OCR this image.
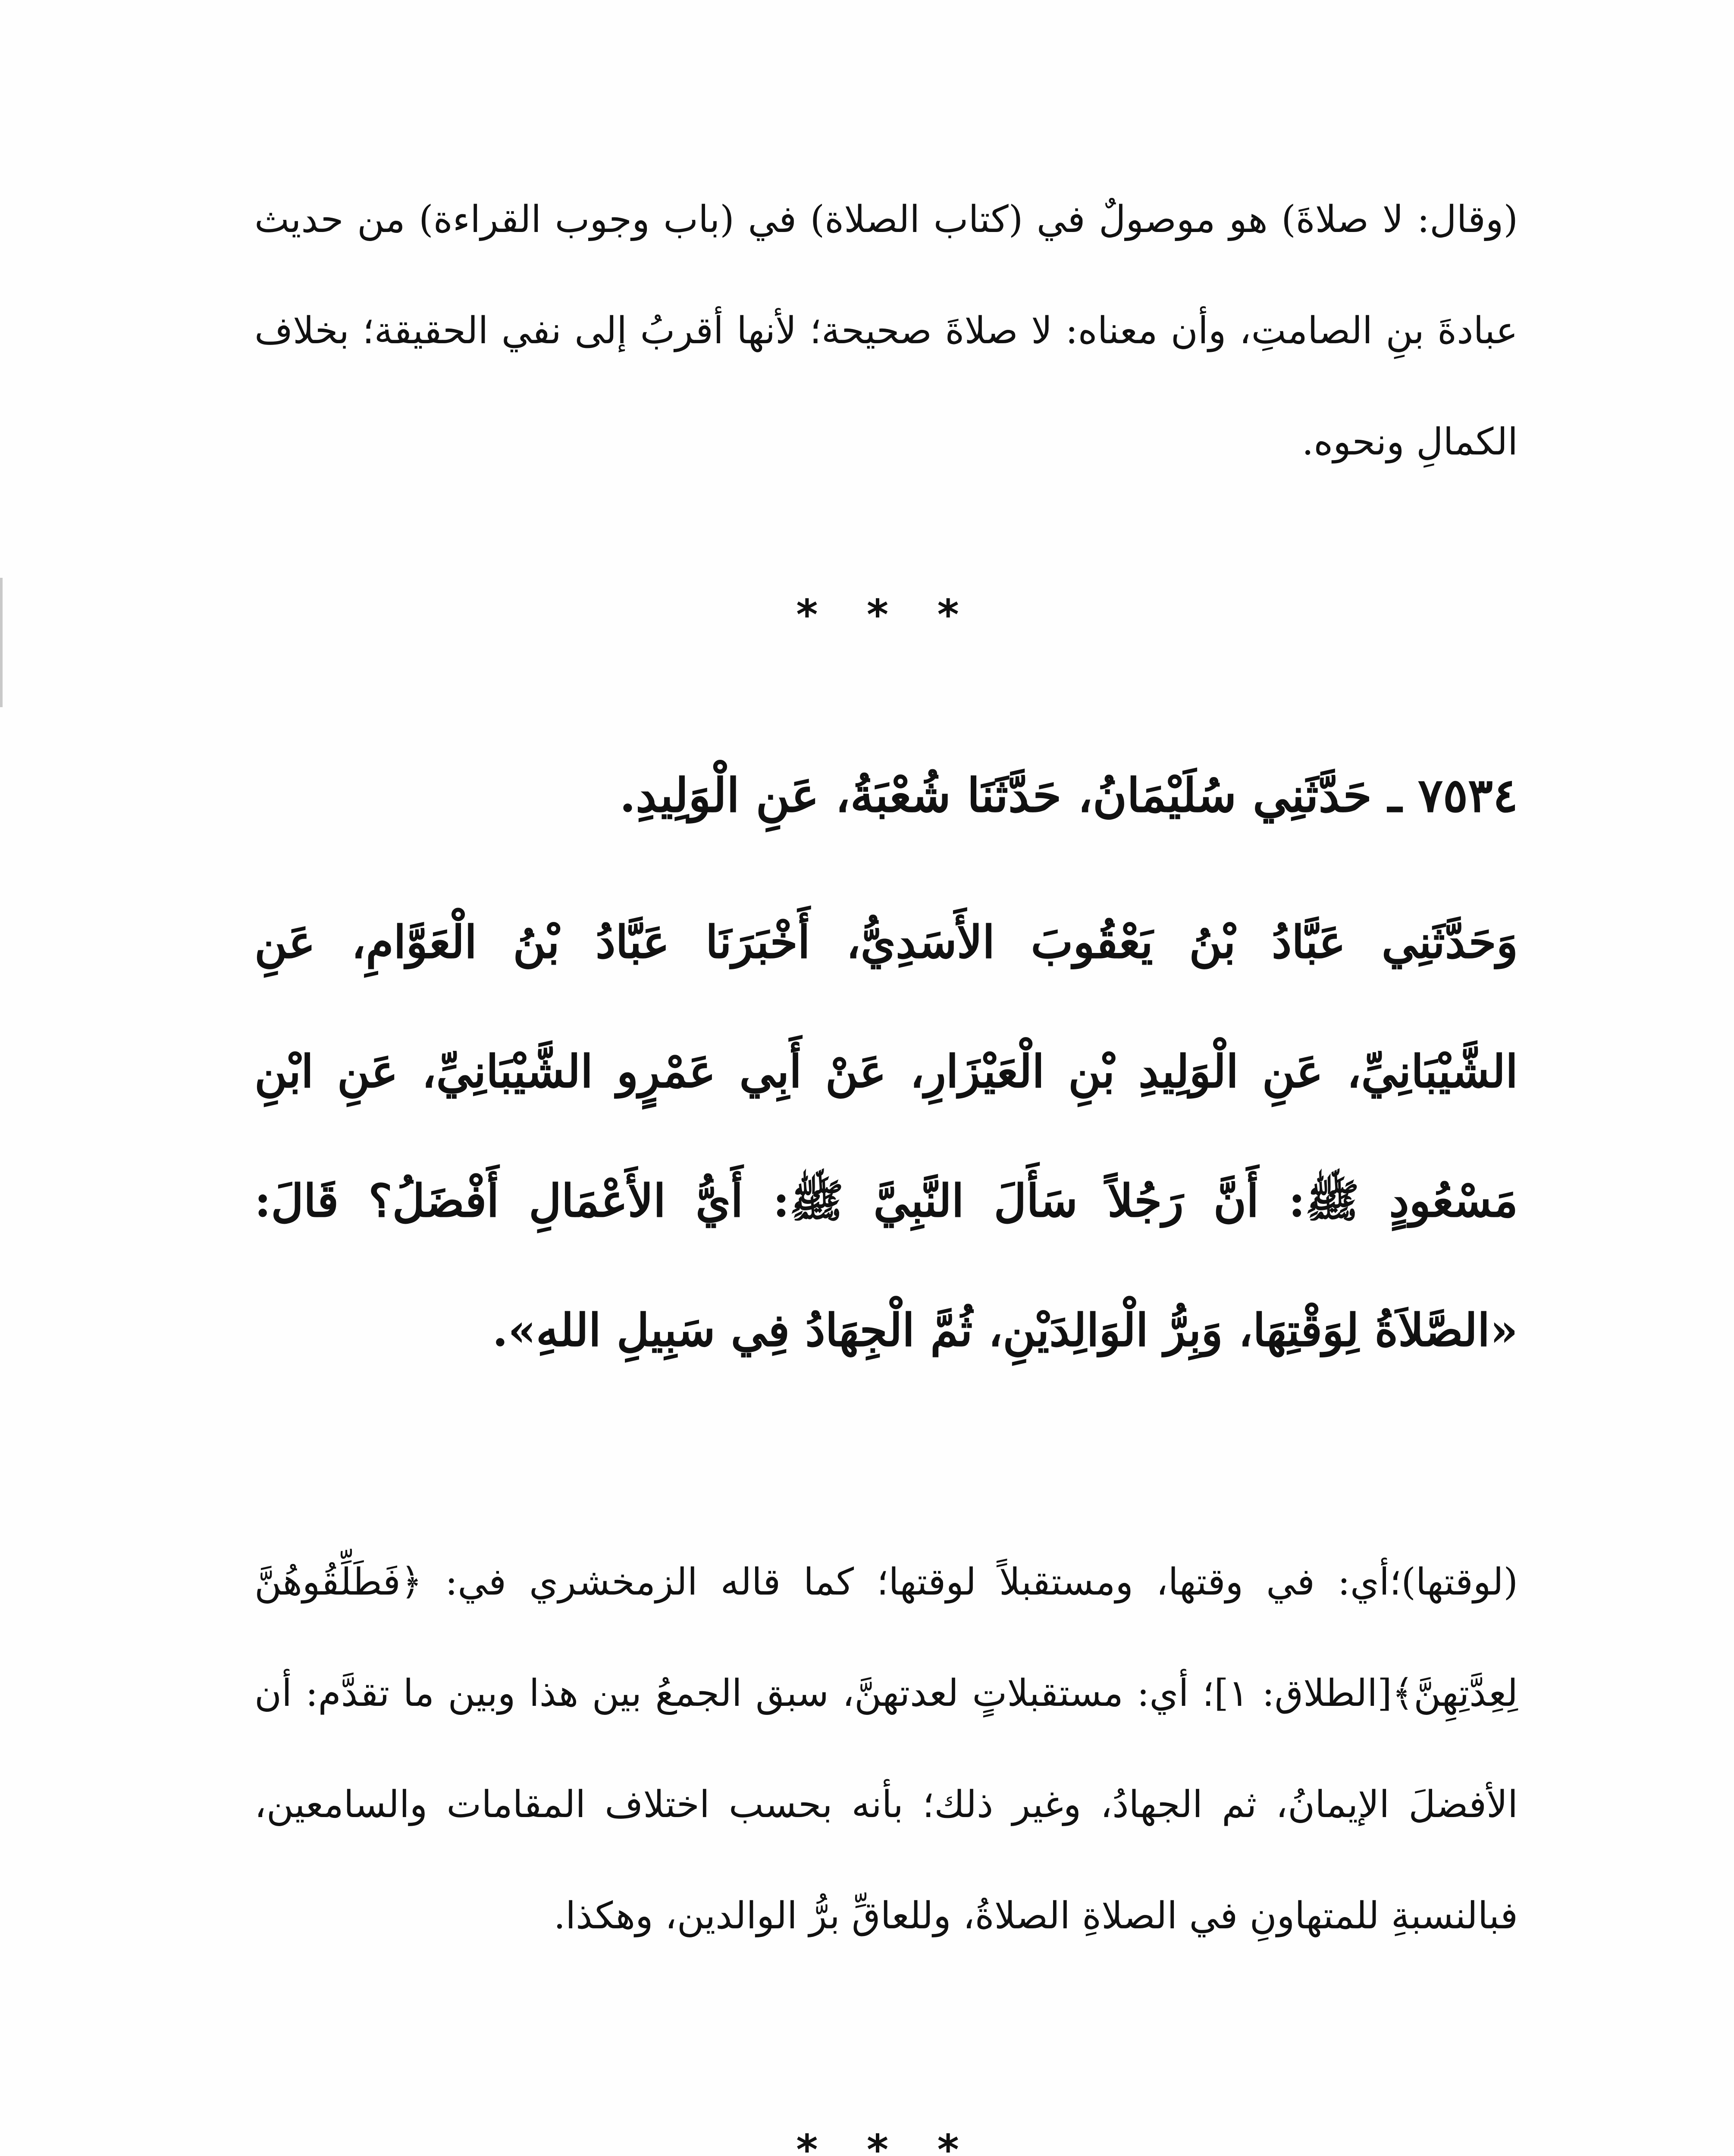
(وقال: لا صلاةَ) هو موصولٌ في (كتاب الصلاة) في (باب وجوب القراءة) من حديث عبادةَ بنِ الصامتِ، وأن معناه: لا صلاةَ صحيحة؛ لأنها أقربُ إلى نفي الحقيقة؛ بخلاف الكمالِ ونحوه.

* * *
٧٥٣٤ ـ حَدَّثَنِي سُلَيْمَانُ، حَدَّثَنَا شُعْبَةُ، عَنِ الْوَلِيدِ.

وَحَدَّثَنِي عَبَّادُ بْنُ يَعْقُوبَ الأَسَدِيُّ، أَخْبَرَنَا عَبَّادُ بْنُ الْعَوَّامِ، عَنِ الشَّيْبَانِيِّ، عَنِ الْوَلِيدِ بْنِ الْعَيْزَارِ، عَنْ أَبِي عَمْرٍو الشَّيْبَانِيِّ، عَنِ ابْنِ مَسْعُودٍ ﷺ: أَنَّ رَجُلاً سَأَلَ النَّبِيَّ ﷺ: أَيُّ الأَعْمَالِ أَفْضَلُ؟ قَالَ: «الصَّلاَةُ لِوَقْتِهَا، وَبِرُّ الْوَالِدَيْنِ، ثُمَّ الْجِهَادُ فِي سَبِيلِ اللهِ».

(لوقتها)؛أي: في وقتها، ومستقبلاً لوقتها؛ كما قاله الزمخشري في: ﴿فَطَلِّقُوهُنَّ لِعِدَّتِهِنَّ﴾[الطلاق: ١]؛ أي: مستقبلاتٍ لعدتهنَّ، سبق الجمعُ بين هذا وبين ما تقدَّم: أن الأفضلَ الإيمانُ، ثم الجهادُ، وغير ذلك؛ بأنه بحسب اختلاف المقامات والسامعين، فبالنسبةِ للمتهاونِ في الصلاةِ الصلاةُ، وللعاقِّ برُّ الوالدين، وهكذا.

* * *
